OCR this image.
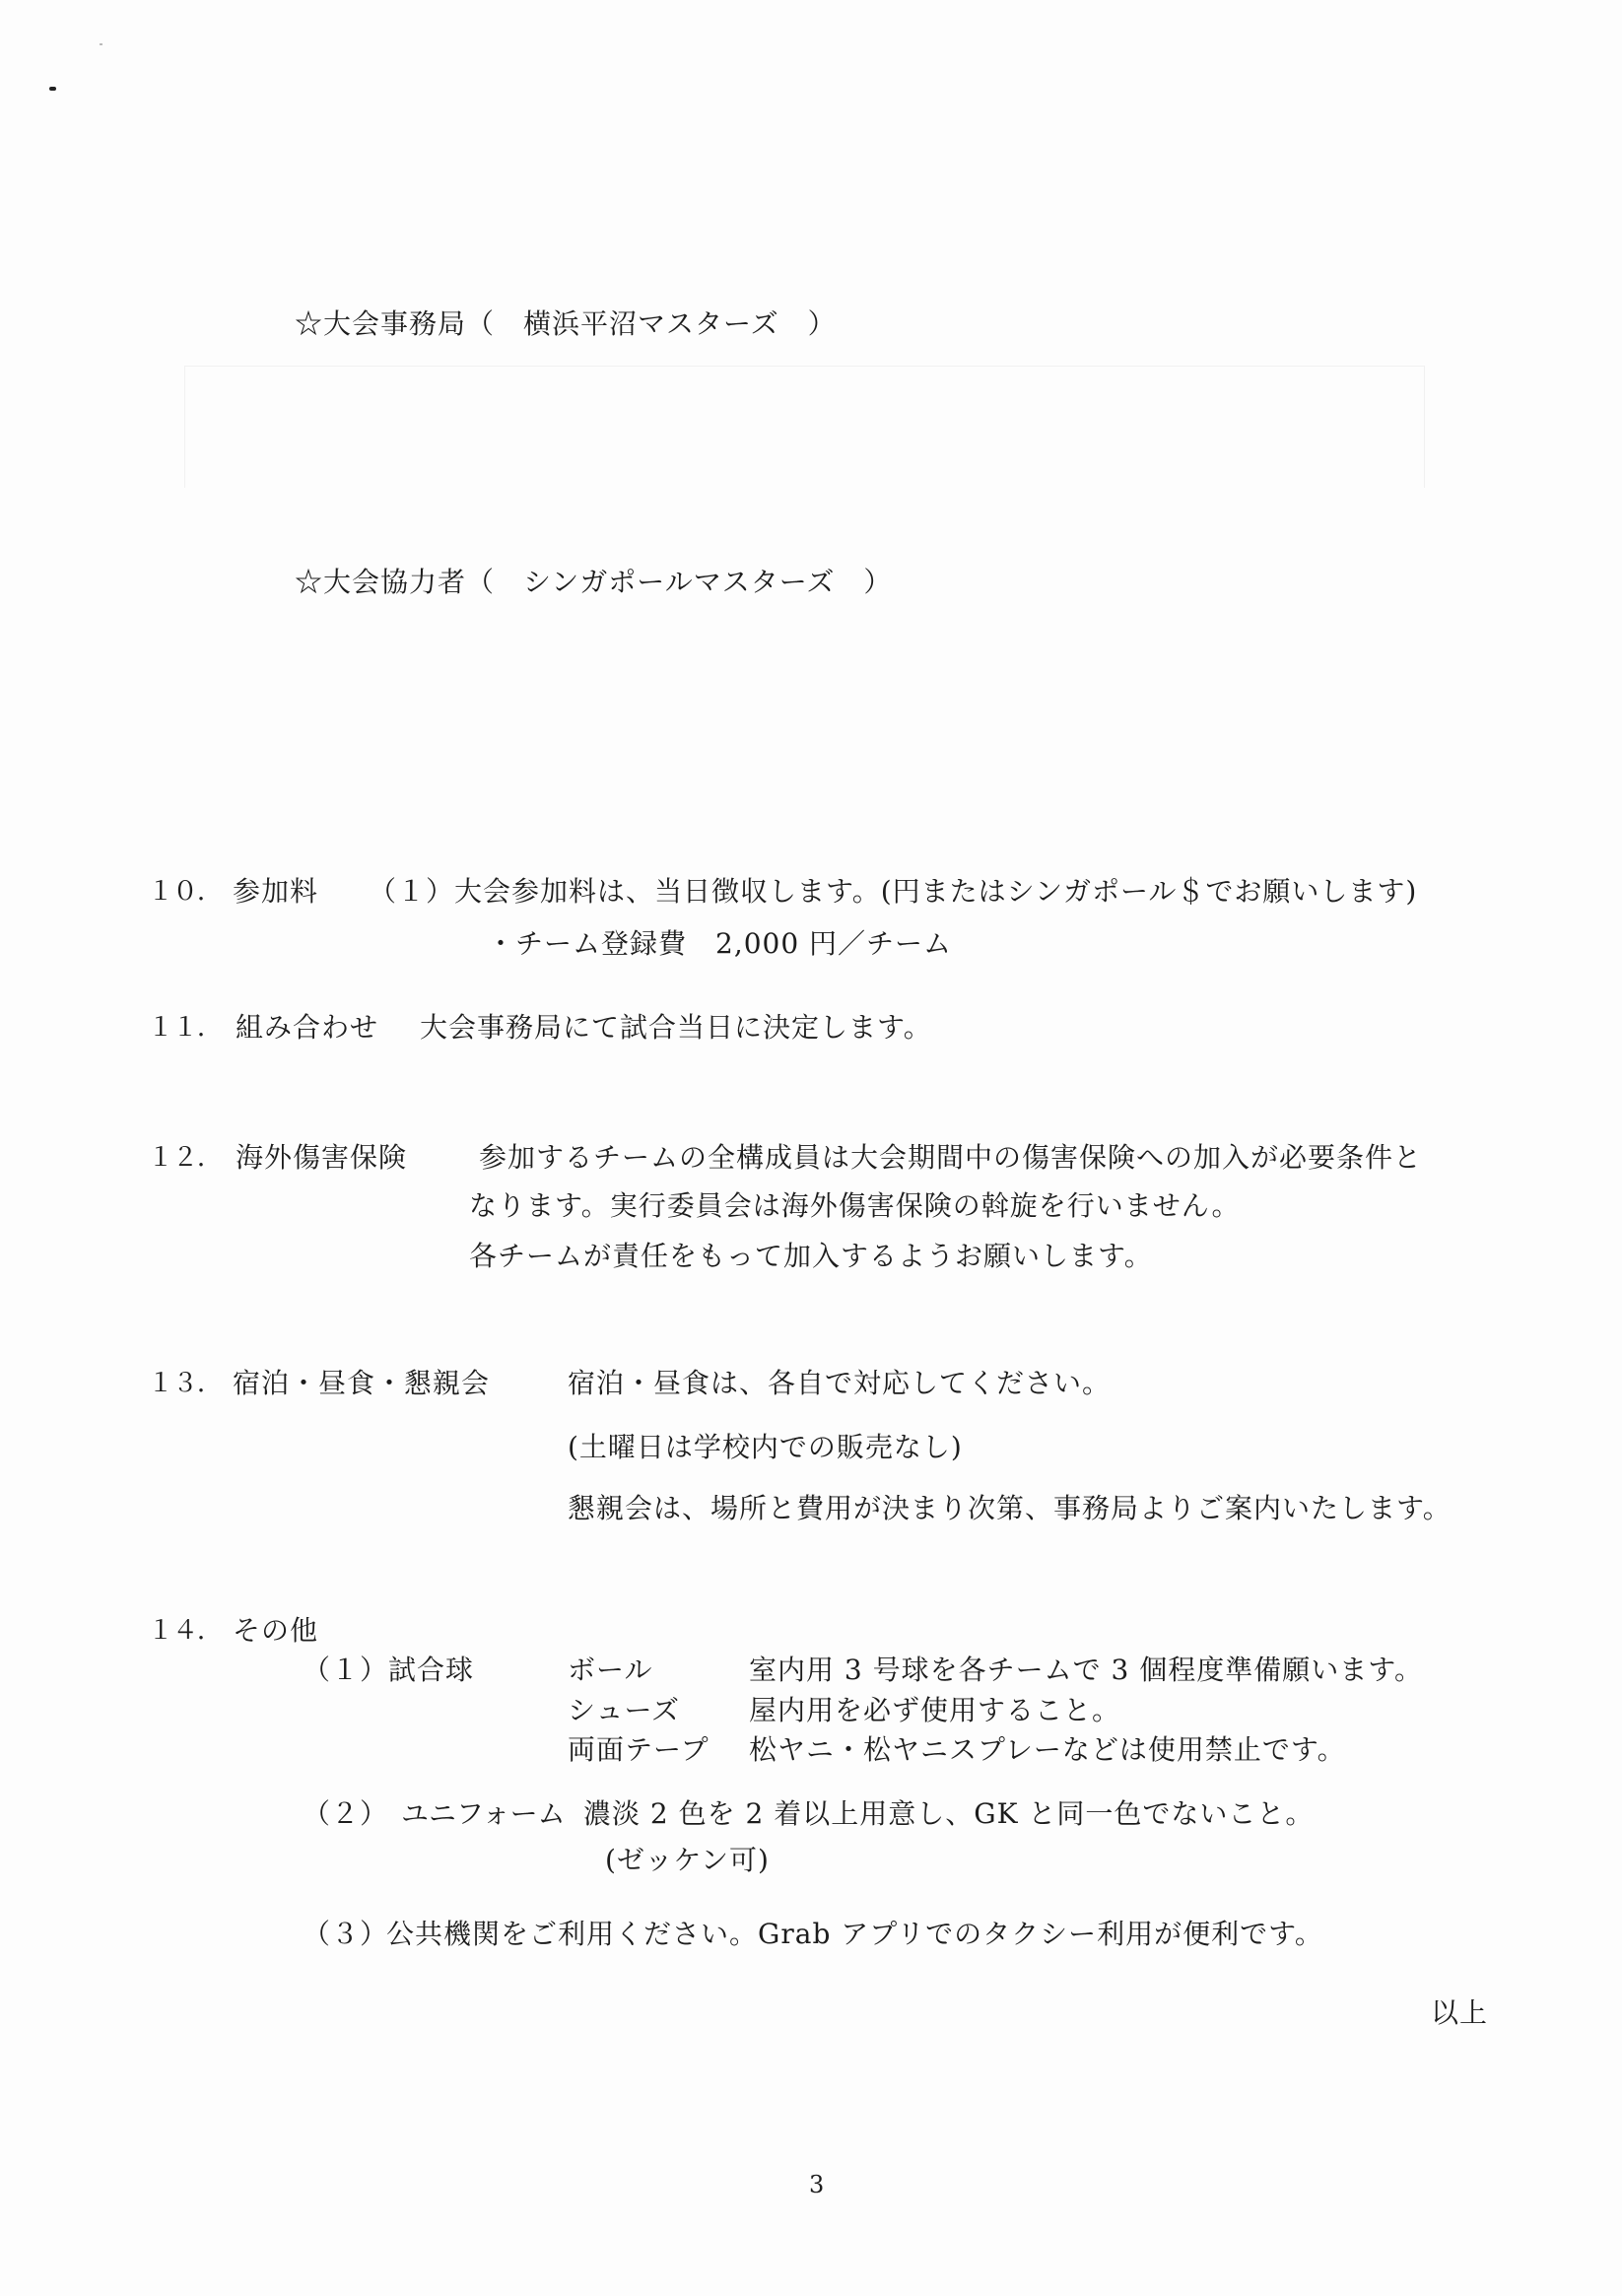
☆大会事務局（　横浜平沼マスターズ　）
☆大会協力者（　シンガポールマスターズ　）
１０． 参加料 （１）大会参加料は、当日徴収します。(円またはシンガポール＄でお願いします)
・チーム登録費　2,000 円／チーム
１１． 組み合わせ 大会事務局にて試合当日に決定します。
１２． 海外傷害保険	参加するチームの全構成員は大会期間中の傷害保険への加入が必要条件と
なります。実行委員会は海外傷害保険の斡旋を行いません。
各チームが責任をもって加入するようお願いします。
１３． 宿泊・昼食・懇親会	宿泊・昼食は、各自で対応してください。
(土曜日は学校内での販売なし)
懇親会は、場所と費用が決まり次第、事務局よりご案内いたします。
１４． その他
（１）試合球	ボール	室内用 3 号球を各チームで 3 個程度準備願います。
シューズ 屋内用を必ず使用すること。
両面テープ 松ヤニ・松ヤニスプレーなどは使用禁止です。
（２） ユニフォーム 濃淡 2 色を 2 着以上用意し、GK と同一色でないこと。
(ゼッケン可)
（３）
公共機関をご利用ください。Grab アプリでのタクシー利用が便利です。
以上
3
